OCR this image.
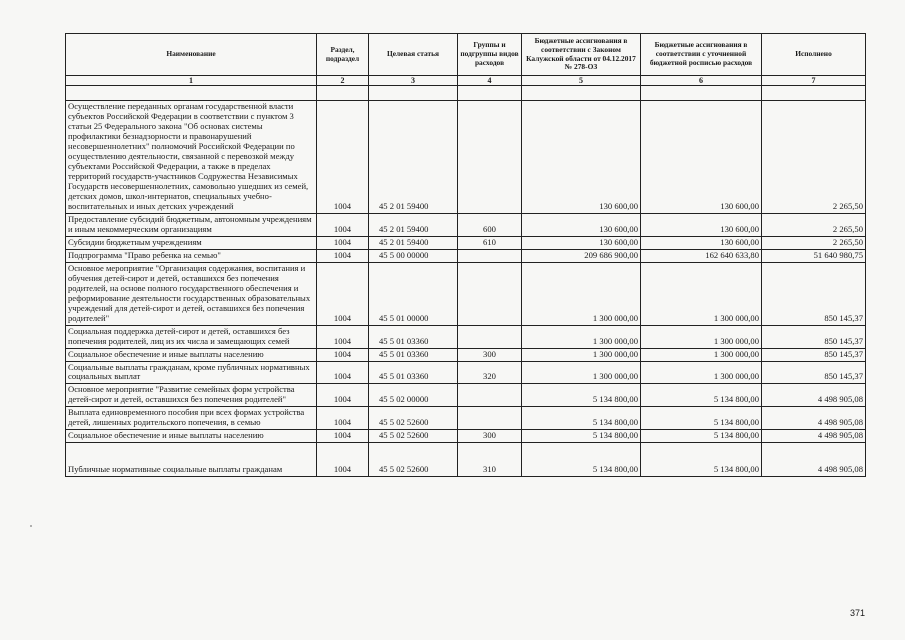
Наименование	Раздел, подраздел	Целевая статья	Группы и подгруппы видов расходов	Бюджетные ассигнования в соответствии с Законом Калужской области от 04.12.2017 № 278-ОЗ	Бюджетные ассигнования в соответствии с уточненной бюджетной росписью расходов	Исполнено
1	2	3	4	5	6	7

Осуществление переданных органам государственной власти субъектов Российской Федерации в соответствии с пунктом 3 статьи 25 Федерального закона "Об основах системы профилактики безнадзорности и правонарушений несовершеннолетних" полномочий Российской Федерации по осуществлению деятельности, связанной с перевозкой между субъектами Российской Федерации, а также в пределах территорий государств-участников Содружества Независимых Государств несовершеннолетних, самовольно ушедших из семей, детских домов, школ-интернатов, специальных учебно-воспитательных и иных детских учреждений	1004	45 2 01 59400		130 600,00	130 600,00	2 265,50
Предоставление субсидий бюджетным, автономным учреждениям и иным некоммерческим организациям	1004	45 2 01 59400	600	130 600,00	130 600,00	2 265,50
Субсидии бюджетным учреждениям	1004	45 2 01 59400	610	130 600,00	130 600,00	2 265,50
Подпрограмма "Право ребенка на семью"	1004	45 5 00 00000		209 686 900,00	162 640 633,80	51 640 980,75
Основное мероприятие "Организация содержания, воспитания и обучения детей-сирот и детей, оставшихся без попечения родителей, на основе полного государственного обеспечения и реформирование деятельности государственных образовательных учреждений для детей-сирот и детей, оставшихся без попечения родителей"	1004	45 5 01 00000		1 300 000,00	1 300 000,00	850 145,37
Социальная поддержка детей-сирот и детей, оставшихся без попечения родителей, лиц из их числа и замещающих семей	1004	45 5 01 03360		1 300 000,00	1 300 000,00	850 145,37
Социальное обеспечение и иные выплаты населению	1004	45 5 01 03360	300	1 300 000,00	1 300 000,00	850 145,37
Социальные выплаты гражданам, кроме публичных нормативных социальных выплат	1004	45 5 01 03360	320	1 300 000,00	1 300 000,00	850 145,37
Основное мероприятие "Развитие семейных форм устройства детей-сирот и детей, оставшихся без попечения родителей"	1004	45 5 02 00000		5 134 800,00	5 134 800,00	4 498 905,08
Выплата единовременного пособия при всех формах устройства детей, лишенных родительского попечения, в семью	1004	45 5 02 52600		5 134 800,00	5 134 800,00	4 498 905,08
Социальное обеспечение и иные выплаты населению	1004	45 5 02 52600	300	5 134 800,00	5 134 800,00	4 498 905,08
Публичные нормативные социальные выплаты гражданам	1004	45 5 02 52600	310	5 134 800,00	5 134 800,00	4 498 905,08
371
